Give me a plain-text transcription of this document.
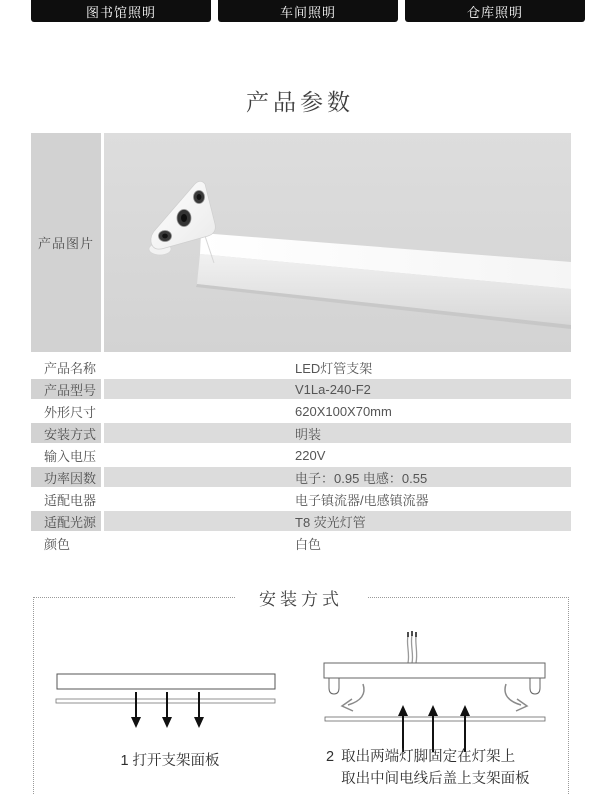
图书馆照明	车间照明	仓库照明
产品参数
产品图片
产品名称	LED灯管支架
产品型号	V1La-240-F2
外形尺寸	620X100X70mm
安装方式	明装
输入电压	220V
功率因数	电子：0.95 电感：0.55
适配电器	电子镇流器/电感镇流器
适配光源	T8 荧光灯管
颜色	白色
安装方式
1 打开支架面板	2 取出两端灯脚固定在灯架上
取出中间电线后盖上支架面板
